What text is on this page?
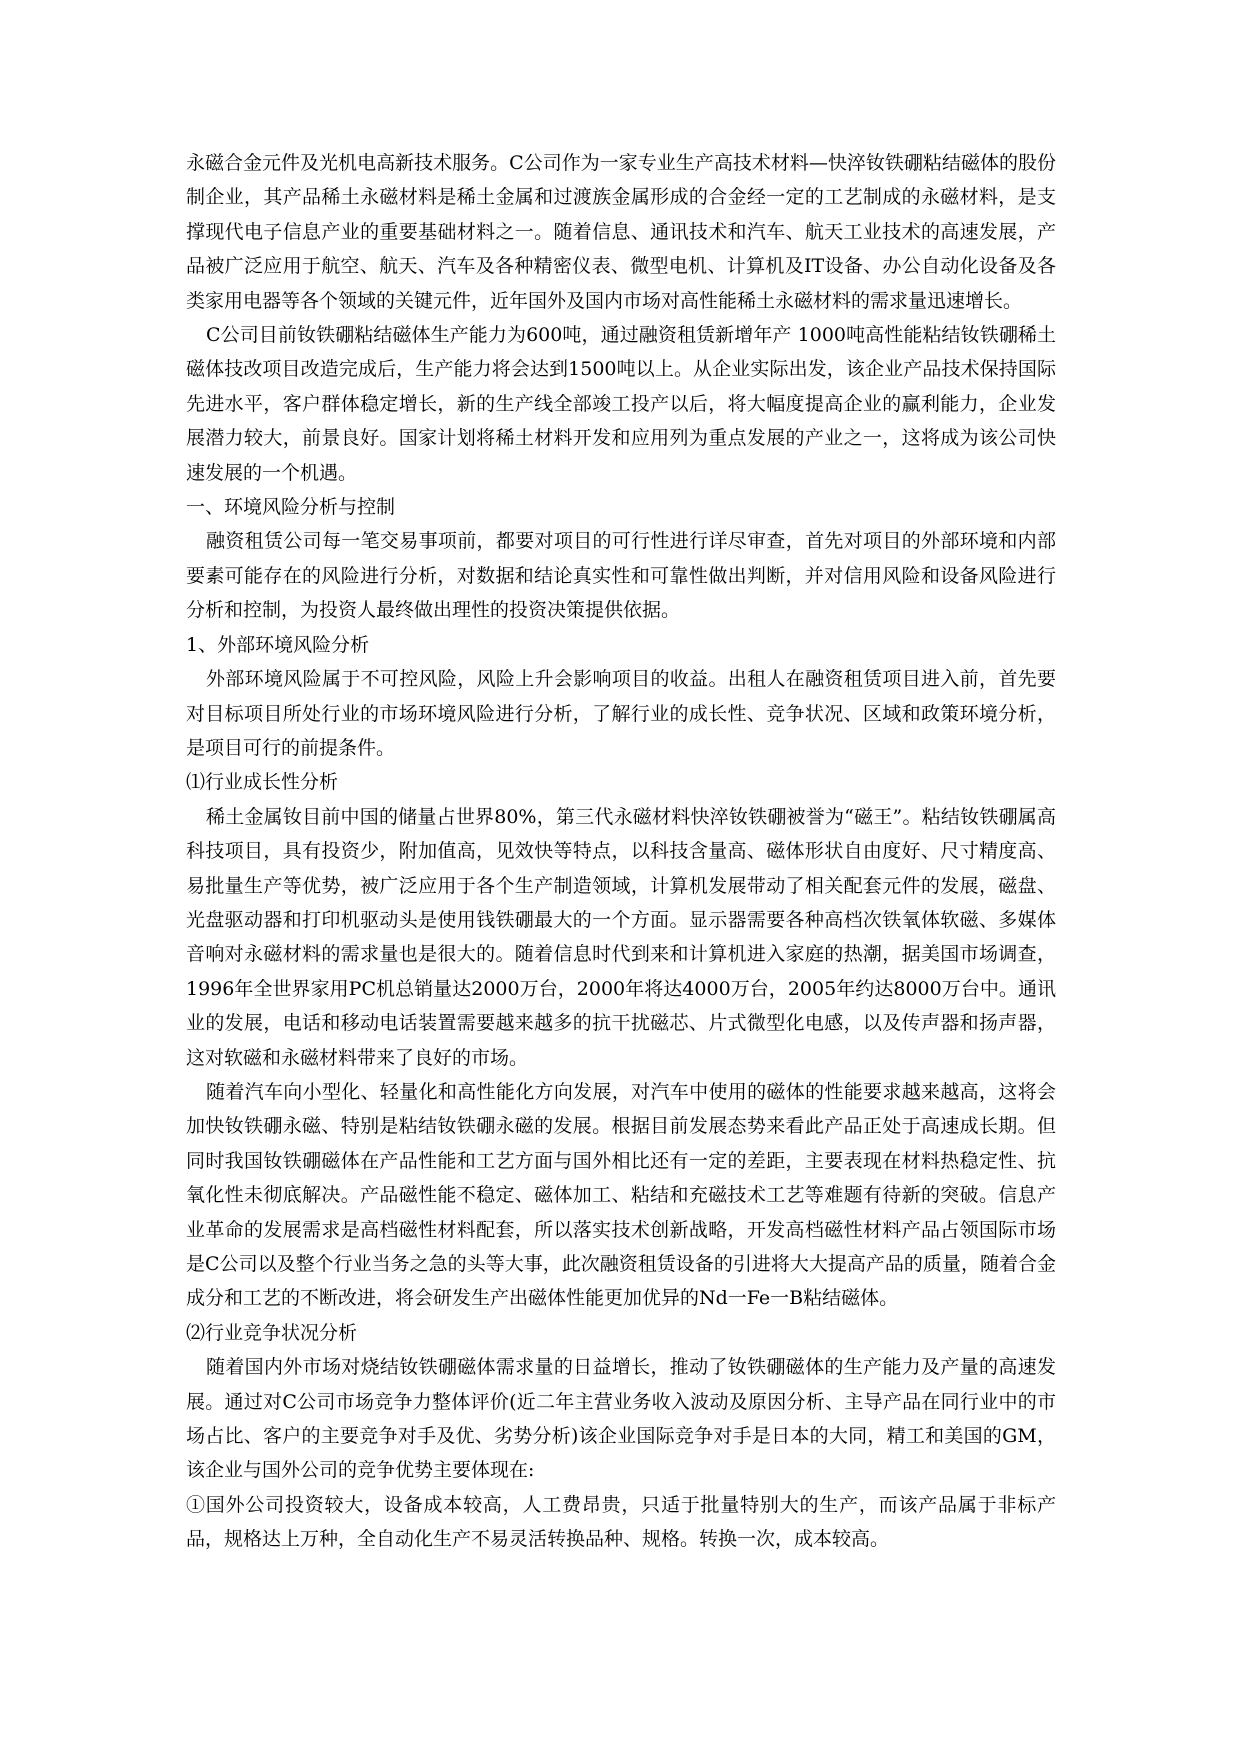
永磁合金元件及光机电高新技术服务。C公司作为一家专业生产高技术材料—快淬钕铁硼粘结磁体的股份制企业，其产品稀土永磁材料是稀土金属和过渡族金属形成的合金经一定的工艺制成的永磁材料，是支撑现代电子信息产业的重要基础材料之一。随着信息、通讯技术和汽车、航天工业技术的高速发展，产品被广泛应用于航空、航天、汽车及各种精密仪表、微型电机、计算机及IT设备、办公自动化设备及各类家用电器等各个领域的关键元件，近年国外及国内市场对高性能稀土永磁材料的需求量迅速增长。

C公司目前钕铁硼粘结磁体生产能力为600吨，通过融资租赁新增年产 1000吨高性能粘结钕铁硼稀土磁体技改项目改造完成后，生产能力将会达到1500吨以上。从企业实际出发，该企业产品技术保持国际先进水平，客户群体稳定增长，新的生产线全部竣工投产以后，将大幅度提高企业的赢利能力，企业发展潜力较大，前景良好。国家计划将稀土材料开发和应用列为重点发展的产业之一，这将成为该公司快速发展的一个机遇。

一、环境风险分析与控制

融资租赁公司每一笔交易事项前，都要对项目的可行性进行详尽审查，首先对项目的外部环境和内部要素可能存在的风险进行分析，对数据和结论真实性和可靠性做出判断，并对信用风险和设备风险进行分析和控制，为投资人最终做出理性的投资决策提供依据。

1、外部环境风险分析

外部环境风险属于不可控风险，风险上升会影响项目的收益。出租人在融资租赁项目进入前，首先要对目标项目所处行业的市场环境风险进行分析，了解行业的成长性、竞争状况、区域和政策环境分析，是项目可行的前提条件。

⑴行业成长性分析

稀土金属钕目前中国的储量占世界80%，第三代永磁材料快淬钕铁硼被誉为“磁王”。粘结钕铁硼属高科技项目，具有投资少，附加值高，见效快等特点，以科技含量高、磁体形状自由度好、尺寸精度高、易批量生产等优势，被广泛应用于各个生产制造领域，计算机发展带动了相关配套元件的发展，磁盘、光盘驱动器和打印机驱动头是使用钱铁硼最大的一个方面。显示器需要各种高档次铁氧体软磁、多媒体音响对永磁材料的需求量也是很大的。随着信息时代到来和计算机进入家庭的热潮，据美国市场调查，1996年全世界家用PC机总销量达2000万台，2000年将达4000万台，2005年约达8000万台中。通讯业的发展，电话和移动电话装置需要越来越多的抗干扰磁芯、片式微型化电感，以及传声器和扬声器，这对软磁和永磁材料带来了良好的市场。

随着汽车向小型化、轻量化和高性能化方向发展，对汽车中使用的磁体的性能要求越来越高，这将会加快钕铁硼永磁、特别是粘结钕铁硼永磁的发展。根据目前发展态势来看此产品正处于高速成长期。但同时我国钕铁硼磁体在产品性能和工艺方面与国外相比还有一定的差距，主要表现在材料热稳定性、抗氧化性未彻底解决。产品磁性能不稳定、磁体加工、粘结和充磁技术工艺等难题有待新的突破。信息产业革命的发展需求是高档磁性材料配套，所以落实技术创新战略，开发高档磁性材料产品占领国际市场是C公司以及整个行业当务之急的头等大事，此次融资租赁设备的引进将大大提高产品的质量，随着合金成分和工艺的不断改进，将会研发生产出磁体性能更加优异的Nd一Fe一B粘结磁体。

⑵行业竞争状况分析

随着国内外市场对烧结钕铁硼磁体需求量的日益增长，推动了钕铁硼磁体的生产能力及产量的高速发展。通过对C公司市场竞争力整体评价(近二年主营业务收入波动及原因分析、主导产品在同行业中的市场占比、客户的主要竞争对手及优、劣势分析)该企业国际竞争对手是日本的大同，精工和美国的GM，该企业与国外公司的竞争优势主要体现在:

①国外公司投资较大，设备成本较高，人工费昂贵，只适于批量特别大的生产，而该产品属于非标产品，规格达上万种，全自动化生产不易灵活转换品种、规格。转换一次，成本较高。
